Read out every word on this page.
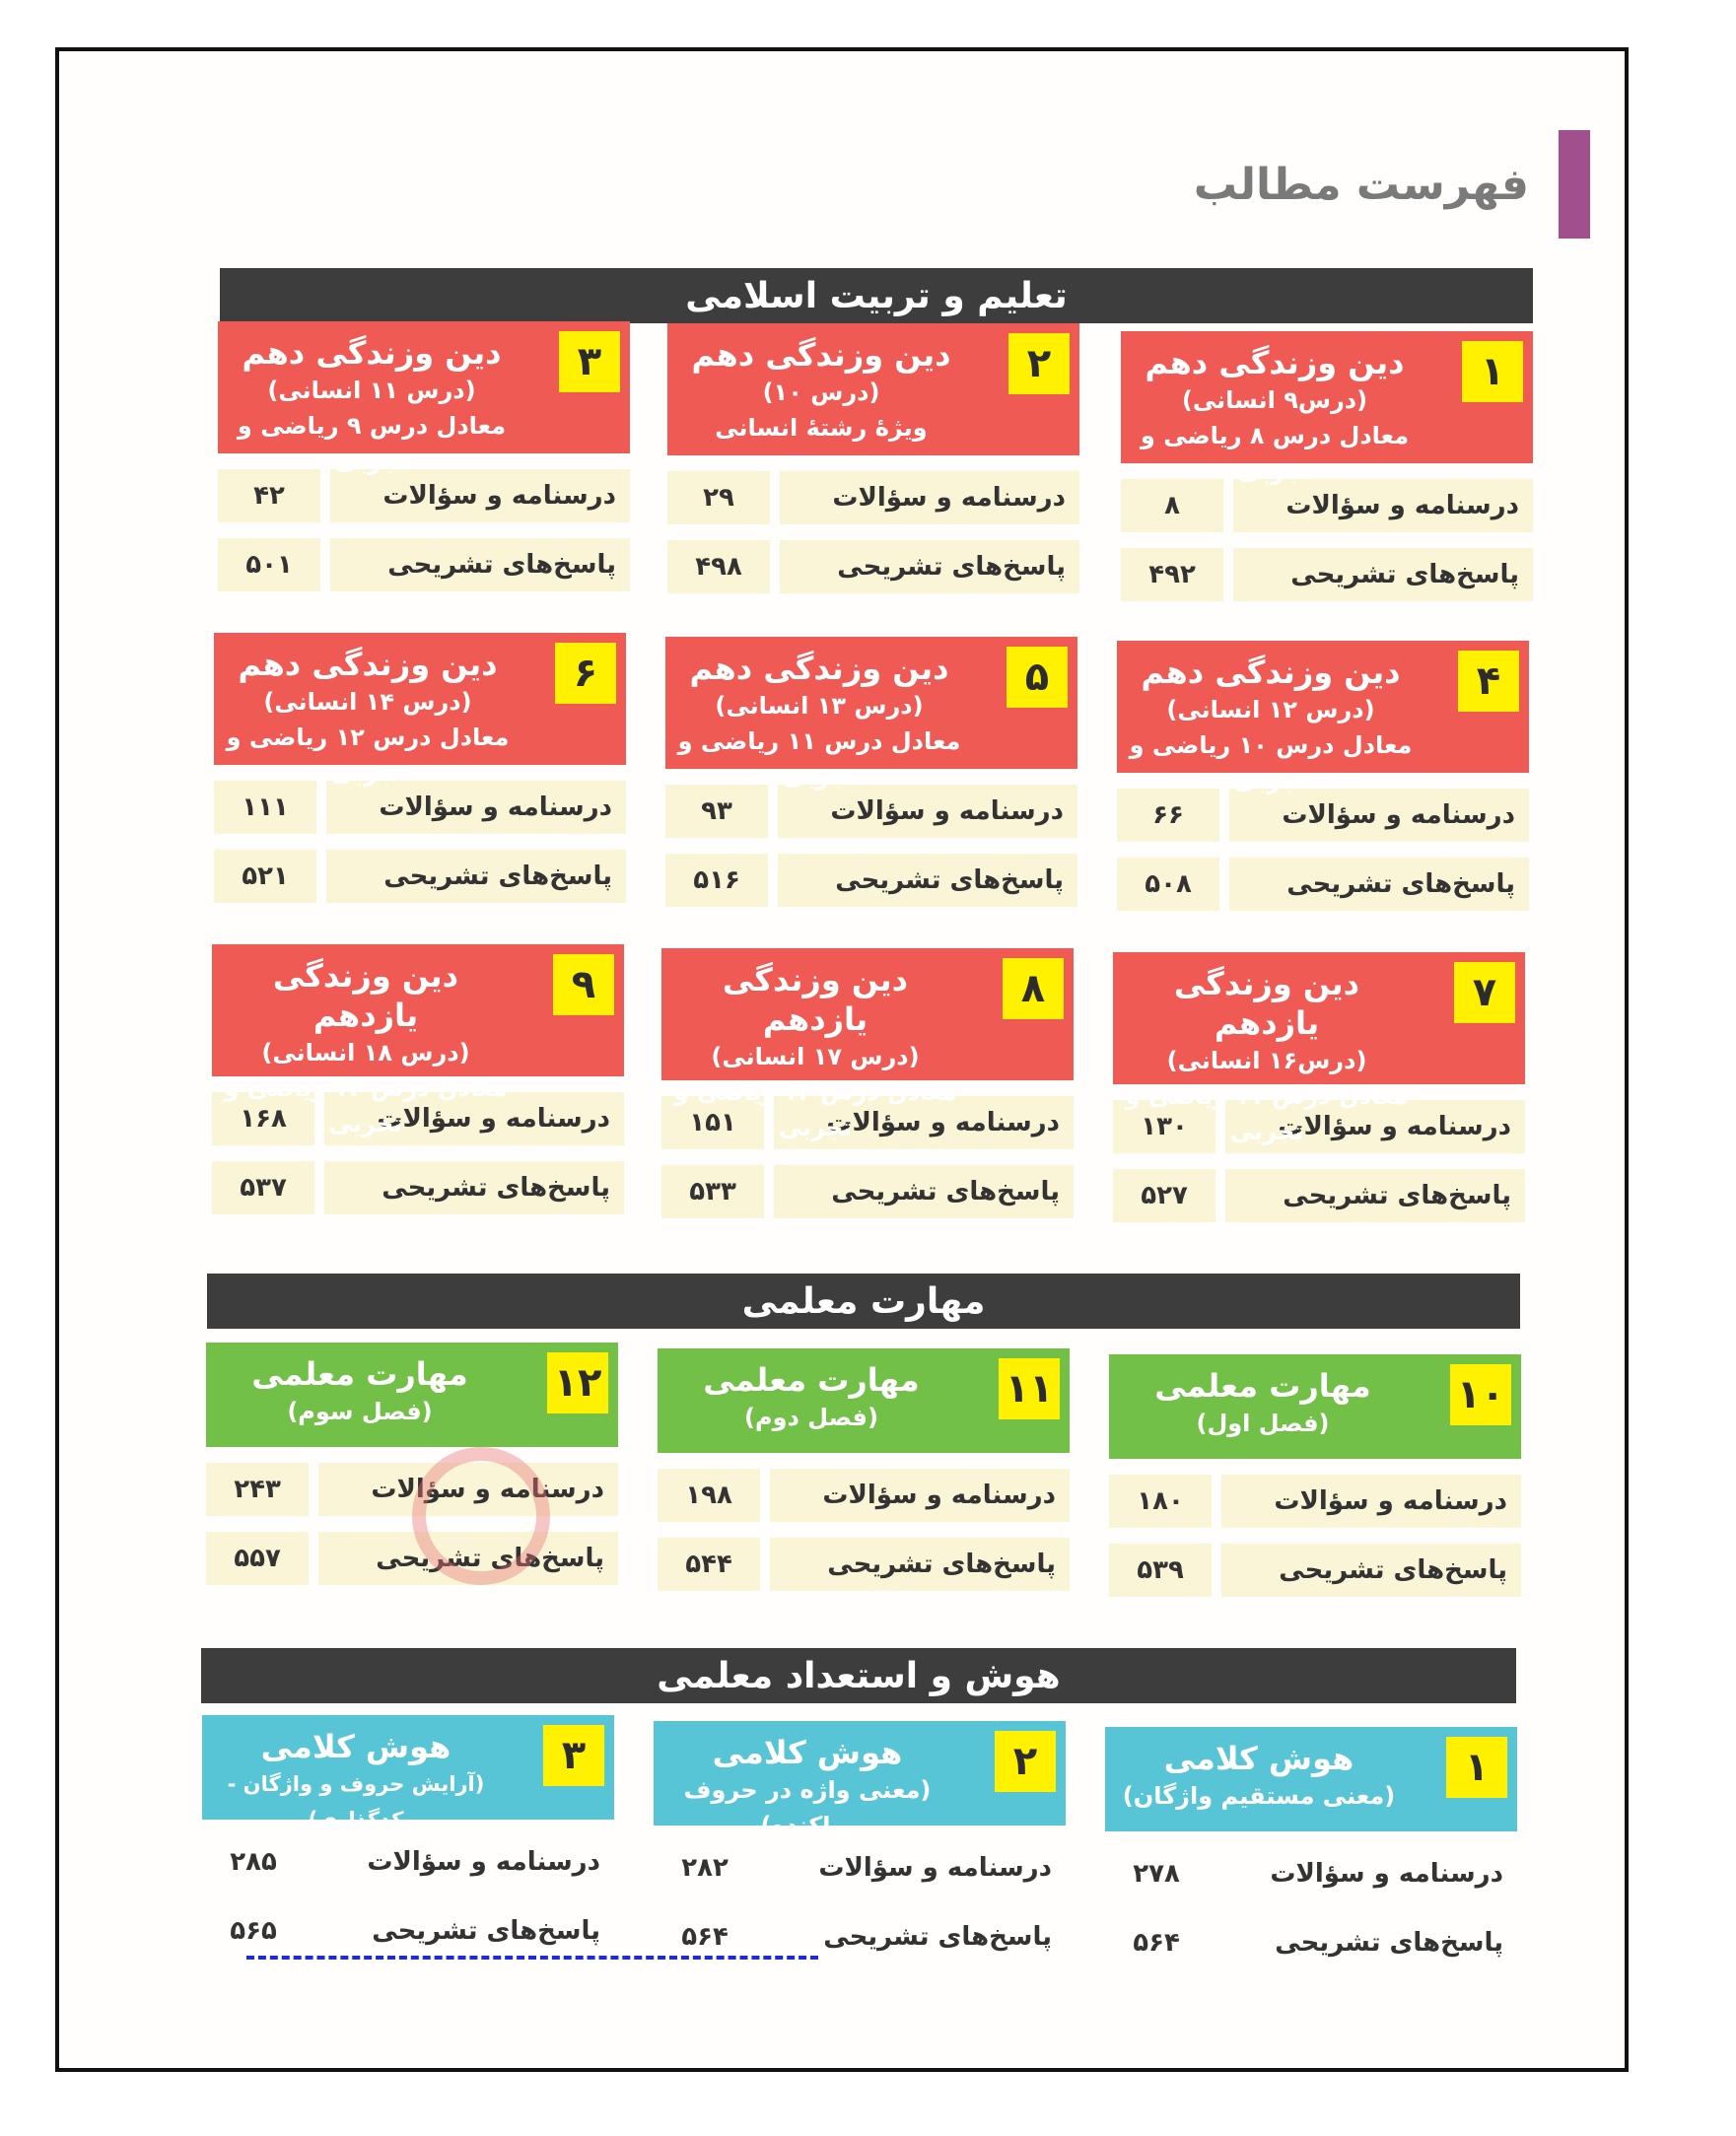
فهرست مطالب
تعلیم و تربیت اسلامی
۱
دین وزندگی دهم
(درس۹ انسانی)
معادل درس ۸ ریاضی و تجربی
درسنامه و سؤالات
۸
پاسخ‌های تشریحی
۴۹۲
۲
دین وزندگی دهم
(درس ۱۰)
ویژۀ رشتۀ انسانی
درسنامه و سؤالات
۲۹
پاسخ‌های تشریحی
۴۹۸
۳
دین وزندگی دهم
(درس ۱۱ انسانی)
معادل درس ۹ ریاضی و تجربی
درسنامه و سؤالات
۴۲
پاسخ‌های تشریحی
۵۰۱
۴
دین وزندگی دهم
(درس ۱۲ انسانی)
معادل درس ۱۰ ریاضی و تجربی
درسنامه و سؤالات
۶۶
پاسخ‌های تشریحی
۵۰۸
۵
دین وزندگی دهم
(درس ۱۳ انسانی)
معادل درس ۱۱ ریاضی و تجربی
درسنامه و سؤالات
۹۳
پاسخ‌های تشریحی
۵۱۶
۶
دین وزندگی دهم
(درس ۱۴ انسانی)
معادل درس ۱۲ ریاضی و تجربی
درسنامه و سؤالات
۱۱۱
پاسخ‌های تشریحی
۵۲۱
۷
دین وزندگی یازدهم
(درس۱۶ انسانی)
معادل درس ۱۱ ریاضی و تجربی
درسنامه و سؤالات
۱۳۰
پاسخ‌های تشریحی
۵۲۷
۸
دین وزندگی یازدهم
(درس ۱۷ انسانی)
معادل درس ۱۲ ریاضی و تجربی
درسنامه و سؤالات
۱۵۱
پاسخ‌های تشریحی
۵۳۳
۹
دین وزندگی یازدهم
(درس ۱۸ انسانی)
معادل درس ۱۲ ریاضی و تجربی
درسنامه و سؤالات
۱۶۸
پاسخ‌های تشریحی
۵۳۷
مهارت معلمی
۱۰
مهارت معلمی
(فصل اول)
درسنامه و سؤالات
۱۸۰
پاسخ‌های تشریحی
۵۳۹
۱۱
مهارت معلمی
(فصل دوم)
درسنامه و سؤالات
۱۹۸
پاسخ‌های تشریحی
۵۴۴
۱۲
مهارت معلمی
(فصل سوم)
درسنامه و سؤالات
۲۴۳
پاسخ‌های تشریحی
۵۵۷
هوش و استعداد معلمی
۱
هوش کلامی
(معنی مستقیم واژگان)
درسنامه و سؤالات
۲۷۸
پاسخ‌های تشریحی
۵۶۴
۲
هوش کلامی
(معنی واژه در حروف پراکنده)
درسنامه و سؤالات
۲۸۲
پاسخ‌های تشریحی
۵۶۴
۳
هوش کلامی
(آرایش حروف و واژگان - کدگذاری)
درسنامه و سؤالات
۲۸۵
پاسخ‌های تشریحی
۵۶۵
